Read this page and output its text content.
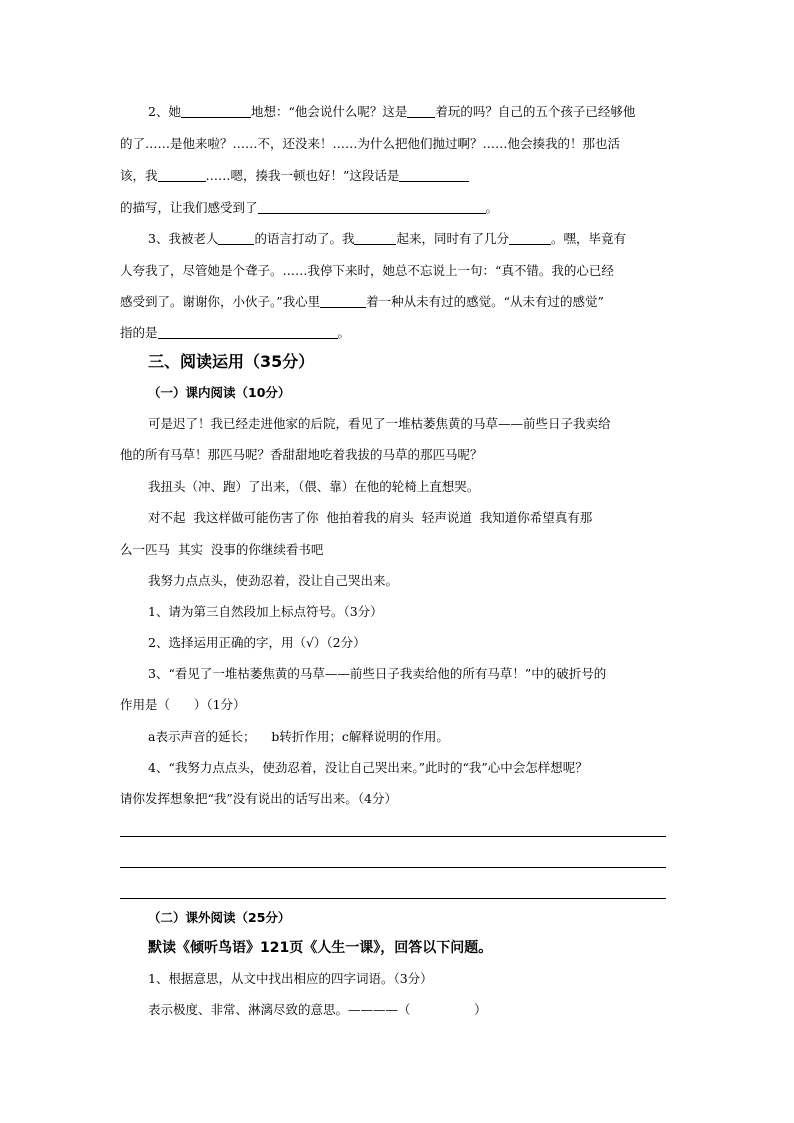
2、她	地想：“他会说什么呢？这是 着玩的吗？自己的五个孩子已经够他
的了……是他来啦？……不，还没来！……为什么把他们抛过啊？……他会揍我的！那也活
该，我	……嗯，揍我一顿也好！”这段话是
的描写，让我们感受到了	。
3、我被老人	的语言打动了。我	起来，同时有了几分	。嘿，毕竟有
人夸我了，尽管她是个聋子。……我停下来时，她总不忘说上一句：“真不错。我的心已经
感受到了。谢谢你，小伙子。”我心里	着一种从未有过的感觉。“从未有过的感觉”
指的是	。
三、阅读运用（35分）
（一）课内阅读（10分）
可是迟了！我已经走进他家的后院，看见了一堆枯萎焦黄的马草——前些日子我卖给
他的所有马草！那匹马呢？香甜甜地吃着我拔的马草的那匹马呢？
我扭头（冲、跑）了出来，（偎、靠）在他的轮椅上直想哭。
对不起  我这样做可能伤害了你  他拍着我的肩头  轻声说道  我知道你希望真有那
么一匹马  其实  没事的你继续看书吧
我努力点点头，使劲忍着，没让自己哭出来。
1、请为第三自然段加上标点符号。（3分）
2、选择运用正确的字，用（√）（2分）
3、“看见了一堆枯萎焦黄的马草——前些日子我卖给他的所有马草！”中的破折号的
作用是（      ）（1分）
a表示声音的延长；    b转折作用；c解释说明的作用。
4、“我努力点点头，使劲忍着，没让自己哭出来。”此时的“我”心中会怎样想呢？
请你发挥想象把“我”没有说出的话写出来。（4分）
（二）课外阅读（25分）
默读《倾听鸟语》121页《人生一课》，回答以下问题。
1、根据意思，从文中找出相应的四字词语。（3分）
表示极度、非常、淋漓尽致的意思。————（                ）
